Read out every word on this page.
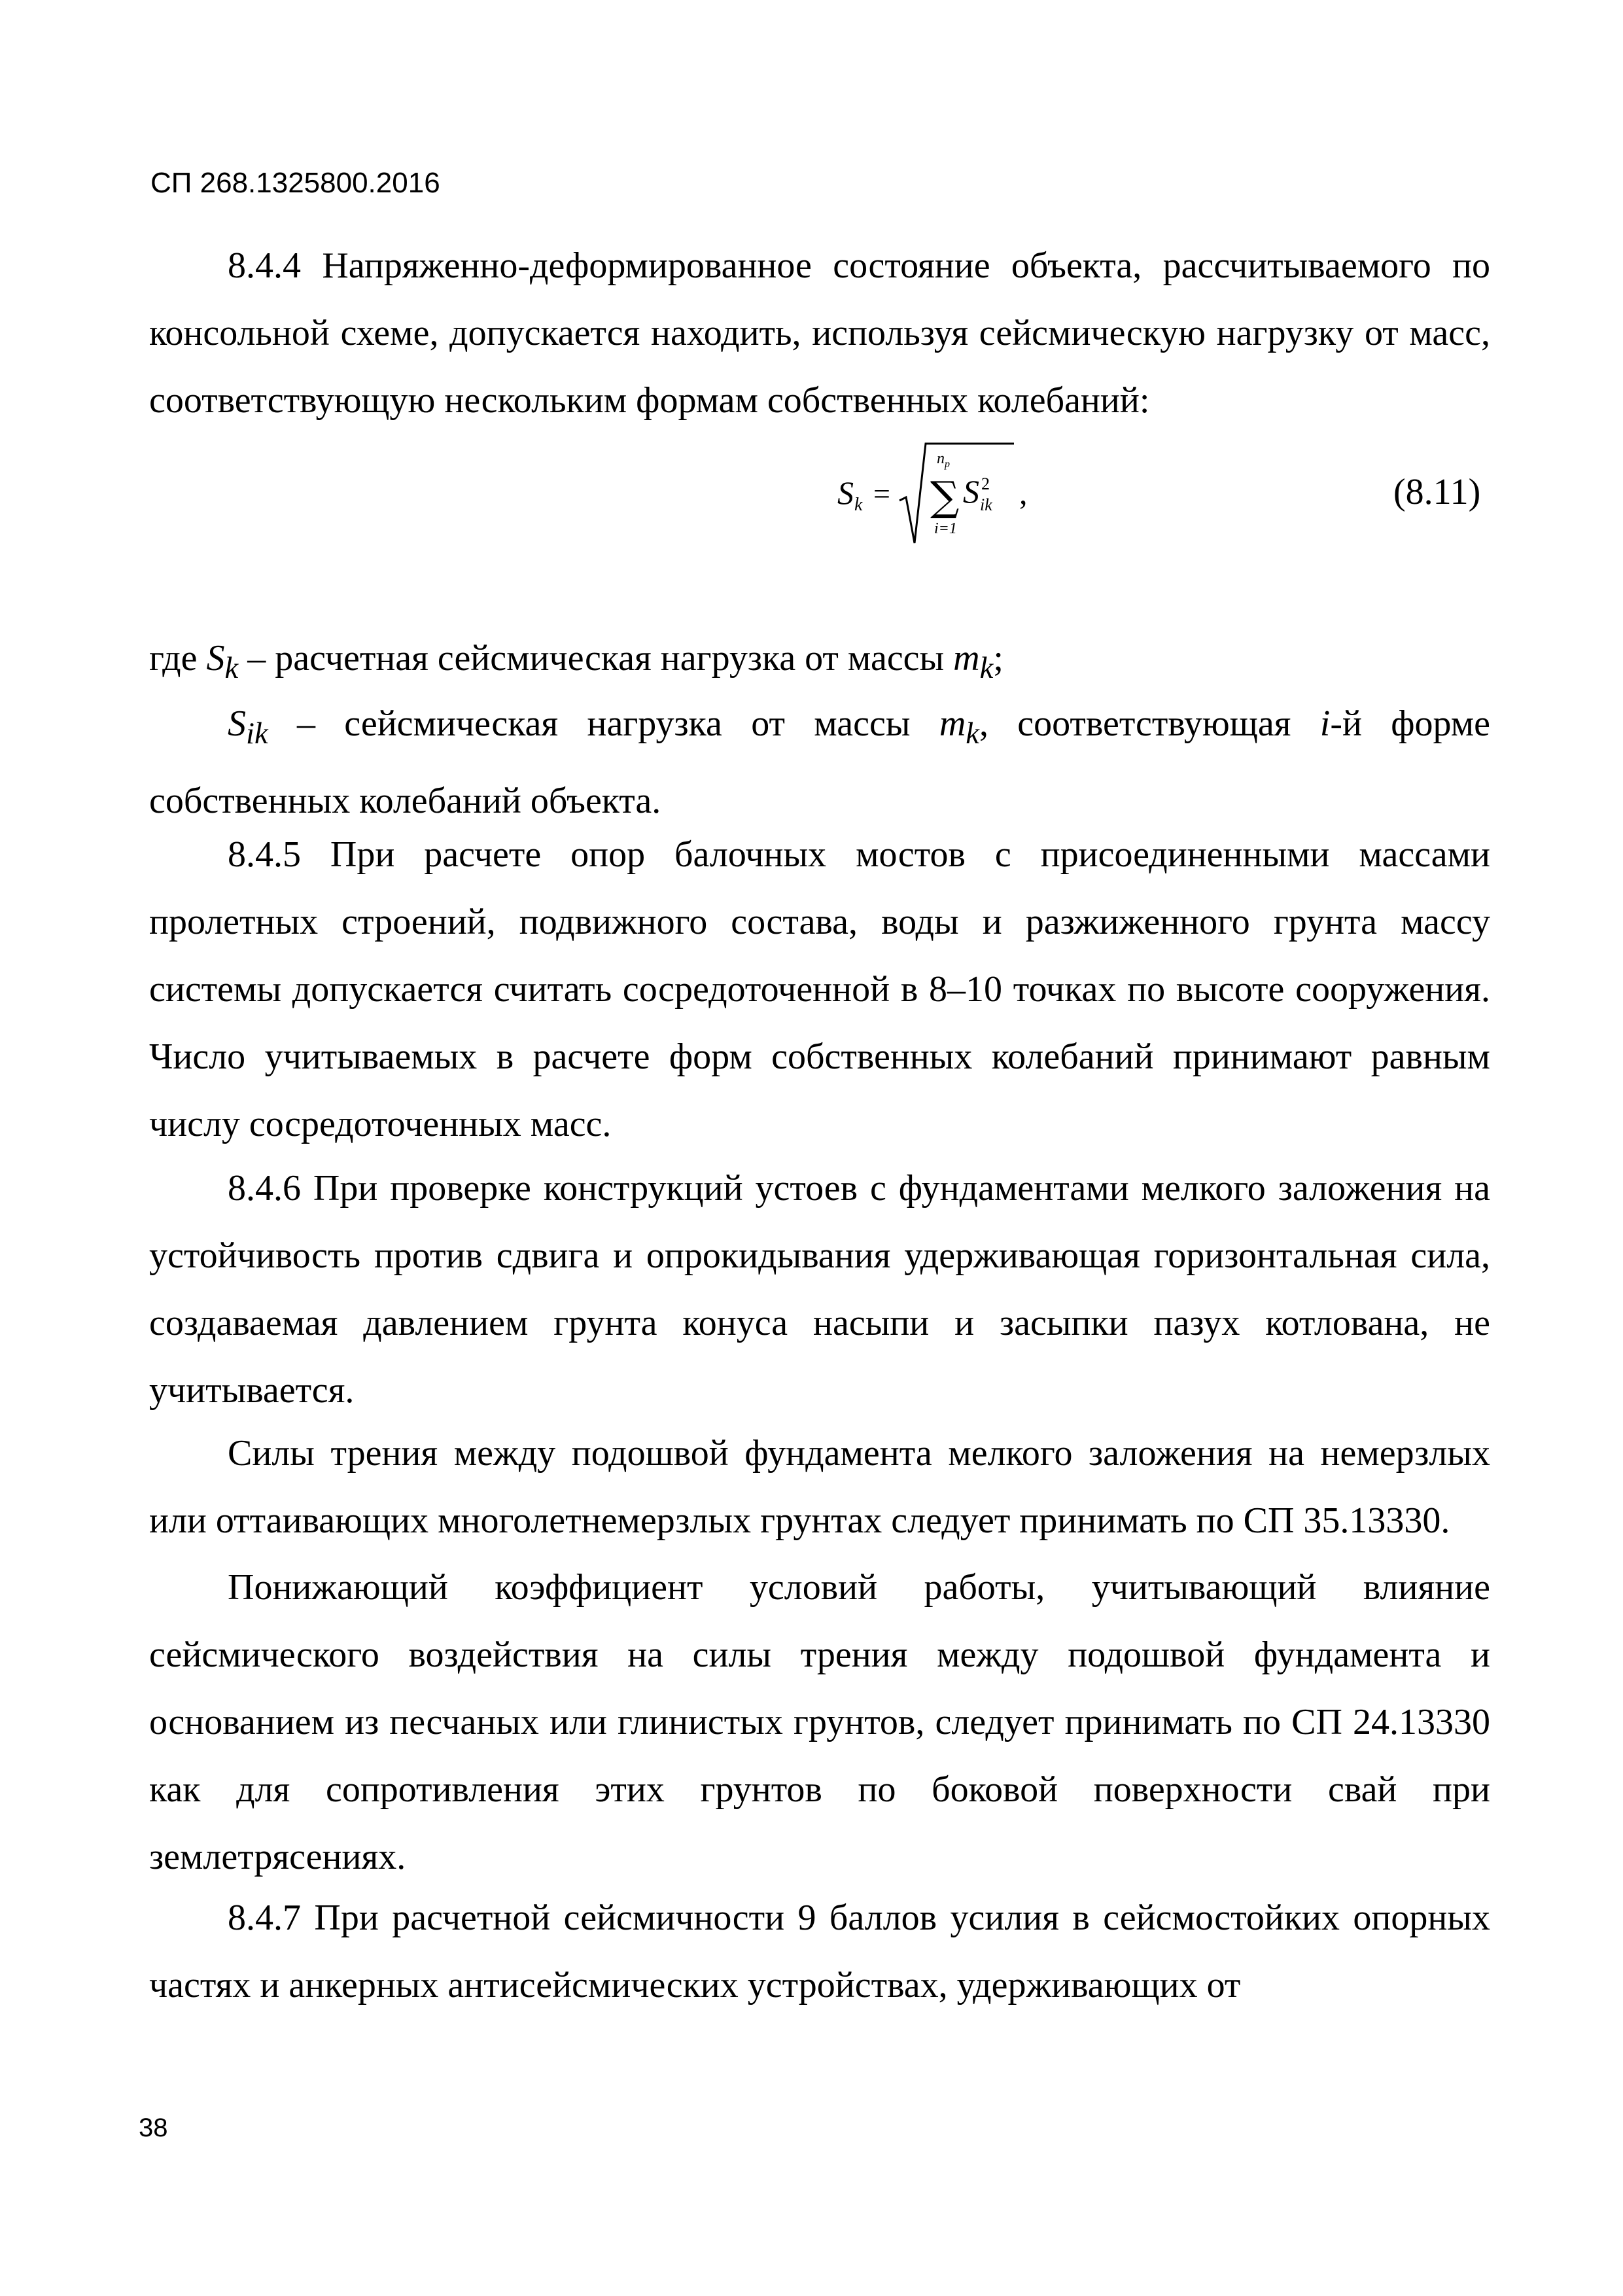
СП 268.1325800.2016

8.4.4 Напряженно-деформированное состояние объекта, рассчитываемого по консольной схеме, допускается находить, используя сейсмическую нагрузку от масс, соответствующую нескольким формам собственных колебаний:

S k =
n p
∑
i=1
S 2
ik ,	(8.11)

где $S_k$ – расчетная сейсмическая нагрузка от массы $m_k$;

$S_{ik}$ – сейсмическая нагрузка от массы $m_k$, соответствующая i-й форме собственных колебаний объекта.

8.4.5 При расчете опор балочных мостов с присоединенными массами пролетных строений, подвижного состава, воды и разжиженного грунта массу системы допускается считать сосредоточенной в 8–10 точках по высоте сооружения. Число учитываемых в расчете форм собственных колебаний принимают равным числу сосредоточенных масс.

8.4.6 При проверке конструкций устоев с фундаментами мелкого заложения на устойчивость против сдвига и опрокидывания удерживающая горизонтальная сила, создаваемая давлением грунта конуса насыпи и засыпки пазух котлована, не учитывается.

Силы трения между подошвой фундамента мелкого заложения на немерзлых или оттаивающих многолетнемерзлых грунтах следует принимать по СП 35.13330.

Понижающий коэффициент условий работы, учитывающий влияние сейсмического воздействия на силы трения между подошвой фундамента и основанием из песчаных или глинистых грунтов, следует принимать по СП 24.13330 как для сопротивления этих грунтов по боковой поверхности свай при землетрясениях.

8.4.7 При расчетной сейсмичности 9 баллов усилия в сейсмостойких опорных частях и анкерных антисейсмических устройствах, удерживающих от

38
